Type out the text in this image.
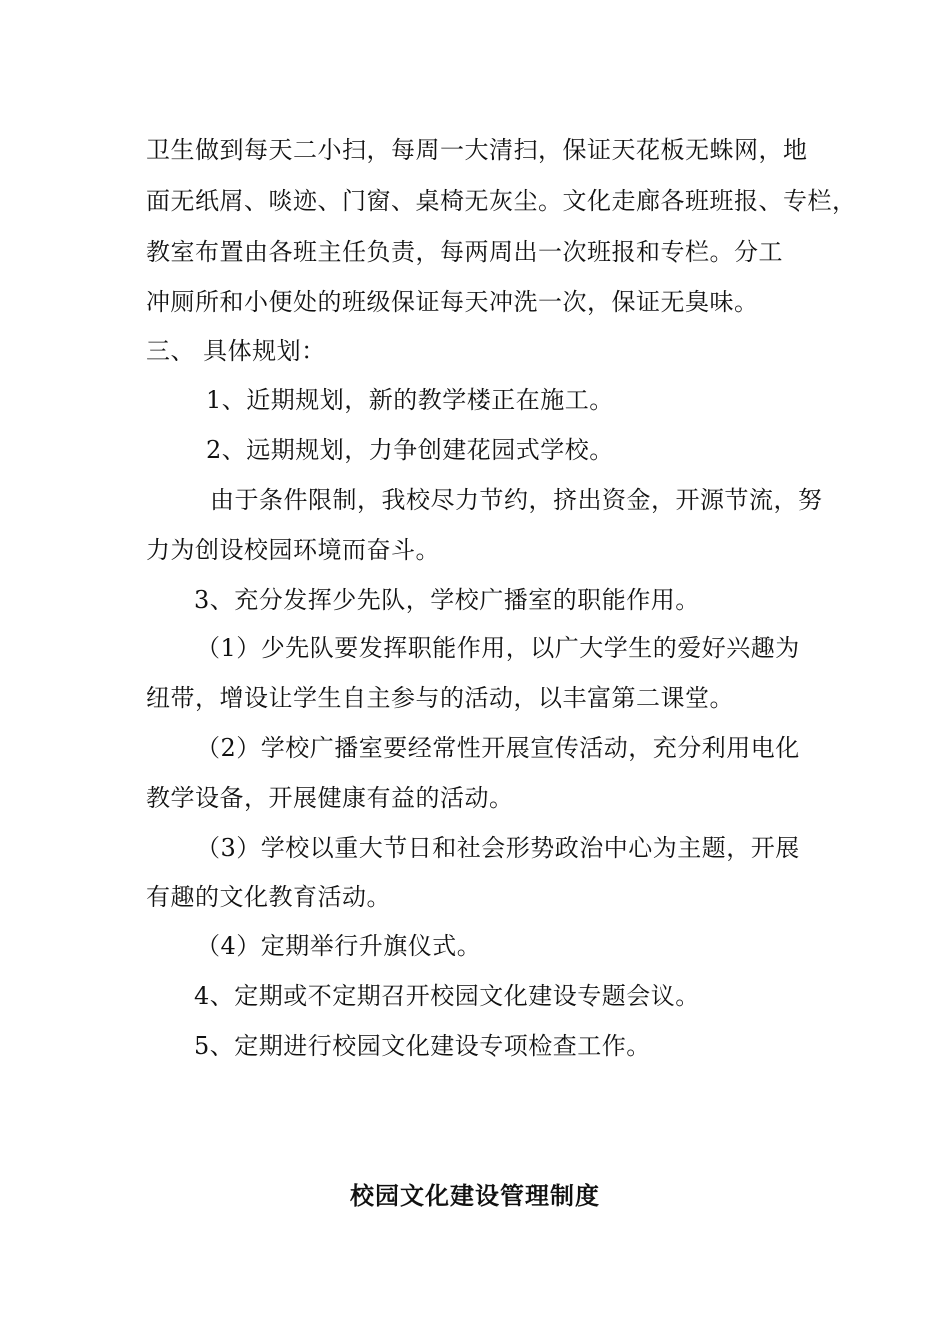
卫生做到每天二小扫，每周一大清扫，保证天花板无蛛网，地

面无纸屑、啖迹、门窗、桌椅无灰尘。文化走廊各班班报、专栏，

教室布置由各班主任负责，每两周出一次班报和专栏。分工

冲厕所和小便处的班级保证每天冲洗一次，保证无臭味。

三、 具体规划：

1、近期规划，新的教学楼正在施工。

2、远期规划，力争创建花园式学校。

由于条件限制，我校尽力节约，挤出资金，开源节流，努

力为创设校园环境而奋斗。

3、充分发挥少先队，学校广播室的职能作用。

（1）少先队要发挥职能作用，以广大学生的爱好兴趣为

纽带，增设让学生自主参与的活动，以丰富第二课堂。

（2）学校广播室要经常性开展宣传活动，充分利用电化

教学设备，开展健康有益的活动。

（3）学校以重大节日和社会形势政治中心为主题，开展

有趣的文化教育活动。

（4）定期举行升旗仪式。

4、定期或不定期召开校园文化建设专题会议。

5、定期进行校园文化建设专项检查工作。

校园文化建设管理制度
